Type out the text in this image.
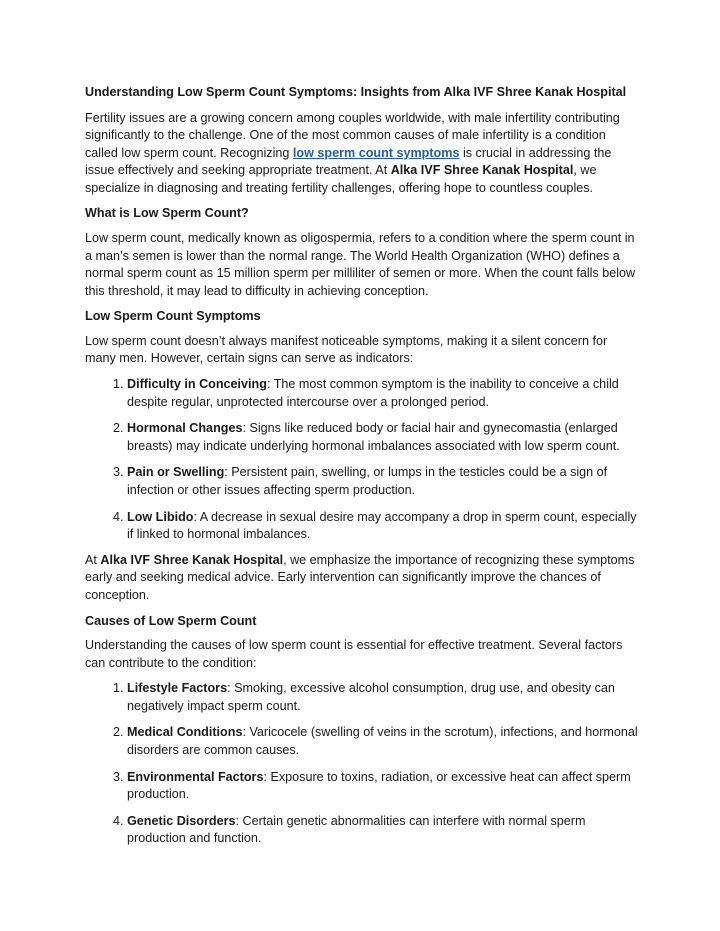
Understanding Low Sperm Count Symptoms: Insights from Alka IVF Shree Kanak Hospital

Fertility issues are a growing concern among couples worldwide, with male infertility contributing significantly to the challenge. One of the most common causes of male infertility is a condition called low sperm count. Recognizing low sperm count symptoms is crucial in addressing the issue effectively and seeking appropriate treatment. At Alka IVF Shree Kanak Hospital, we specialize in diagnosing and treating fertility challenges, offering hope to countless couples.

What is Low Sperm Count?

Low sperm count, medically known as oligospermia, refers to a condition where the sperm count in a man’s semen is lower than the normal range. The World Health Organization (WHO) defines a normal sperm count as 15 million sperm per milliliter of semen or more. When the count falls below this threshold, it may lead to difficulty in achieving conception.

Low Sperm Count Symptoms

Low sperm count doesn’t always manifest noticeable symptoms, making it a silent concern for many men. However, certain signs can serve as indicators:

1. Difficulty in Conceiving: The most common symptom is the inability to conceive a child despite regular, unprotected intercourse over a prolonged period.
2. Hormonal Changes: Signs like reduced body or facial hair and gynecomastia (enlarged breasts) may indicate underlying hormonal imbalances associated with low sperm count.
3. Pain or Swelling: Persistent pain, swelling, or lumps in the testicles could be a sign of infection or other issues affecting sperm production.
4. Low Libido: A decrease in sexual desire may accompany a drop in sperm count, especially if linked to hormonal imbalances.

At Alka IVF Shree Kanak Hospital, we emphasize the importance of recognizing these symptoms early and seeking medical advice. Early intervention can significantly improve the chances of conception.

Causes of Low Sperm Count

Understanding the causes of low sperm count is essential for effective treatment. Several factors can contribute to the condition:

1. Lifestyle Factors: Smoking, excessive alcohol consumption, drug use, and obesity can negatively impact sperm count.
2. Medical Conditions: Varicocele (swelling of veins in the scrotum), infections, and hormonal disorders are common causes.
3. Environmental Factors: Exposure to toxins, radiation, or excessive heat can affect sperm production.
4. Genetic Disorders: Certain genetic abnormalities can interfere with normal sperm production and function.
